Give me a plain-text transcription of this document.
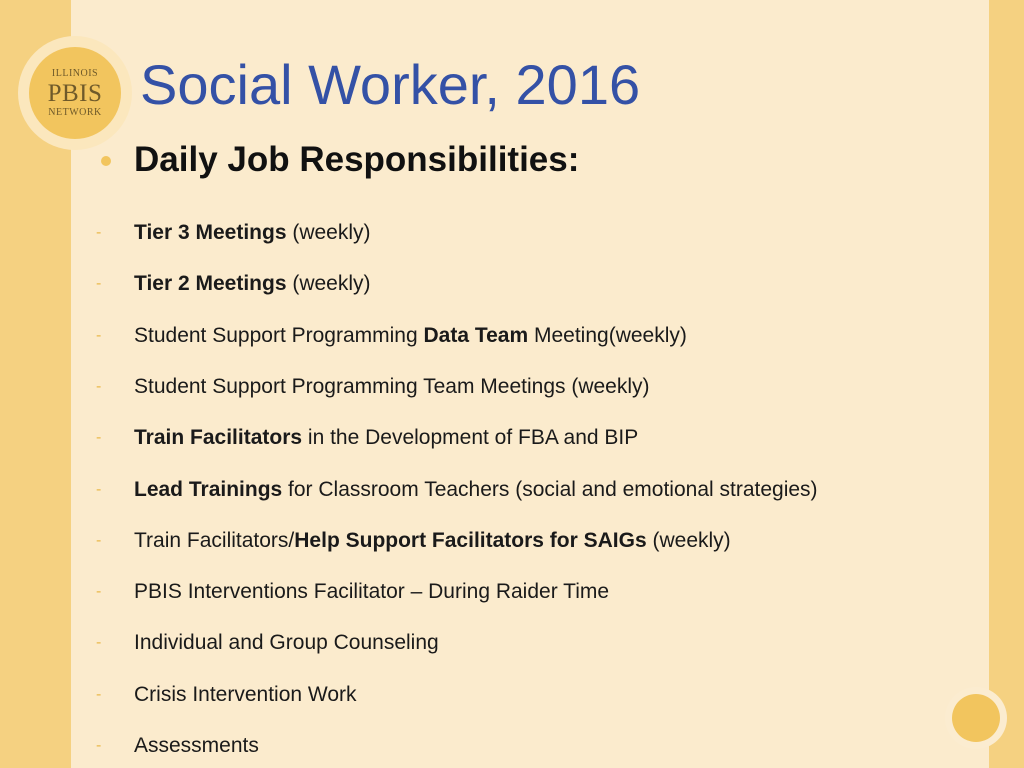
ILLINOIS
PBIS
NETWORK Social Worker, 2016
Daily Job Responsibilities:
-	Tier 3 Meetings (weekly)
-	Tier 2 Meetings (weekly)
-	Student Support Programming Data Team Meeting(weekly)
-	Student Support Programming Team Meetings (weekly)
-	Train Facilitators in the Development of FBA and BIP
-	Lead Trainings for Classroom Teachers (social and emotional strategies)
-	Train Facilitators/Help Support Facilitators for SAIGs (weekly)
-	PBIS Interventions Facilitator – During Raider Time
-	Individual and Group Counseling
-	Crisis Intervention Work
-	Assessments
